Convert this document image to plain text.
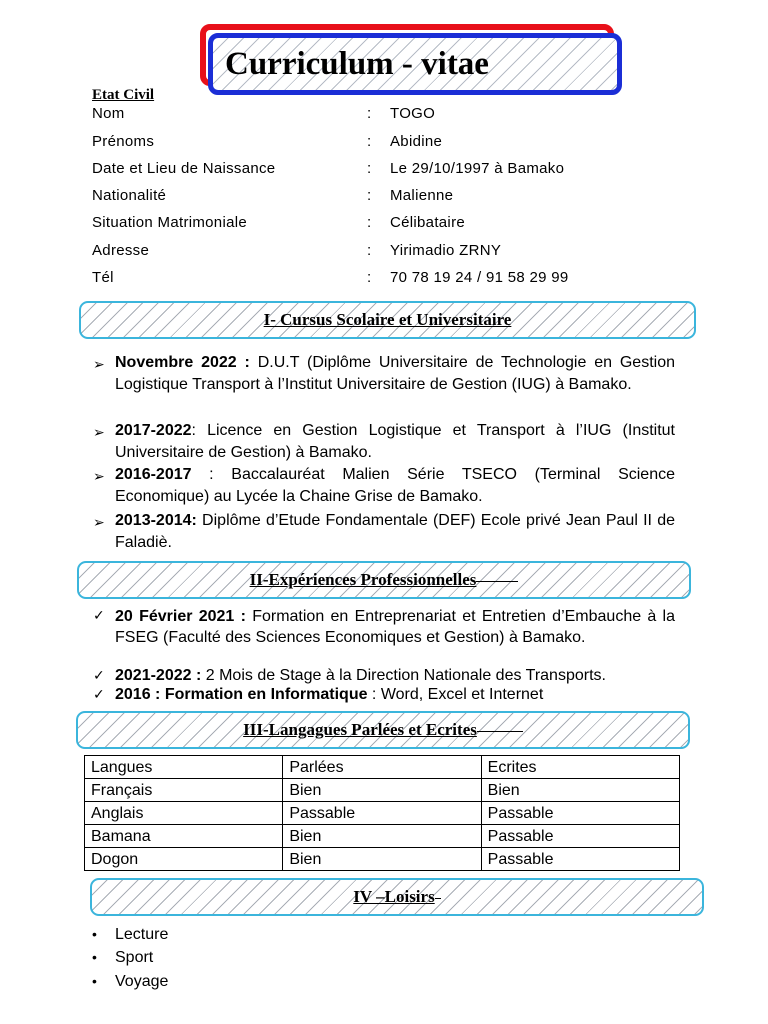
Curriculum - vitae
Etat Civil
Nom	: TOGO
Prénoms	: Abidine
Date et Lieu de Naissance	: Le 29/10/1997 à Bamako
Nationalité	: Malienne
Situation Matrimoniale	: Célibataire
Adresse	: Yirimadio ZRNY
Tél	: 70 78 19 24 / 91 58 29 99
I- Cursus Scolaire et Universitaire
➢ Novembre 2022 : D.U.T (Diplôme Universitaire de Technologie en Gestion Logistique Transport à l’Institut Universitaire de Gestion (IUG) à Bamako.
➢ 2017-2022: Licence en Gestion Logistique et Transport à l’IUG (Institut Universitaire de Gestion) à Bamako.
➢ 2016-2017 : Baccalauréat Malien Série TSECO (Terminal Science Economique) au Lycée la Chaine Grise de Bamako.
➢ 2013-2014: Diplôme d’Etude Fondamentale (DEF) Ecole privé Jean Paul II de Faladiè.
II-Expériences Professionnelles
✓ 20 Février 2021 : Formation en Entreprenariat et Entretien d’Embauche à la FSEG (Faculté des Sciences Economiques et Gestion) à Bamako.
✓ 2021-2022 : 2 Mois de Stage à la Direction Nationale des Transports.
✓ 2016 : Formation en Informatique : Word, Excel et Internet
III-Langagues Parlées et Ecrites
Langues	Parlées	Ecrites
Français	Bien	Bien
Anglais	Passable	Passable
Bamana	Bien	Passable
Dogon	Bien	Passable
IV –Loisirs
• Lecture
• Sport
• Voyage
